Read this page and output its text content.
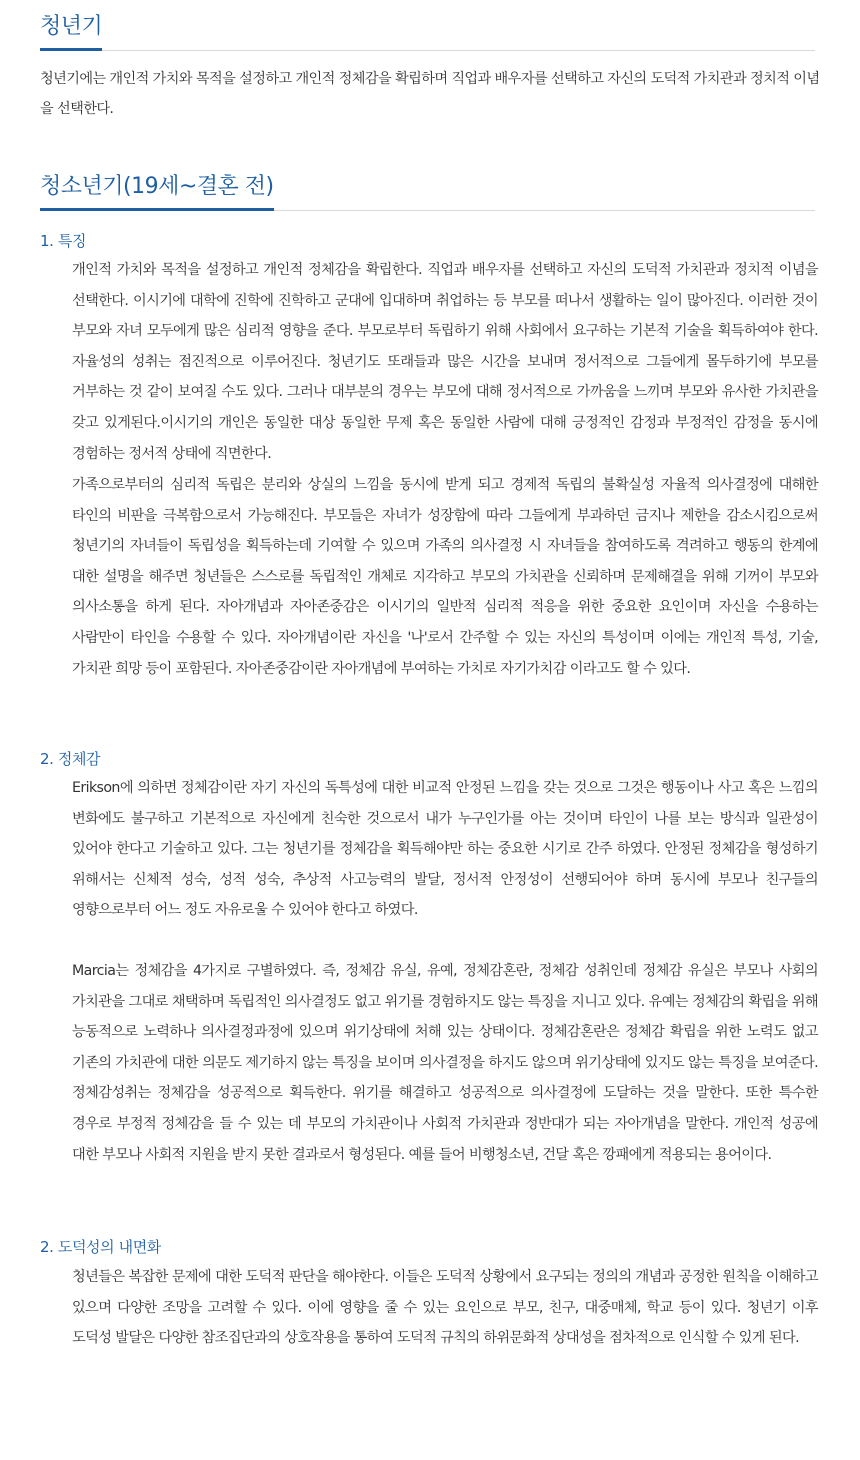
청년기

청년기에는 개인적 가치와 목적을 설정하고 개인적 정체감을 확립하며 직업과 배우자를 선택하고 자신의 도덕적 가치관과 정치적 이념을 선택한다.

청소년기(19세~결혼 전)
1. 특징

개인적 가치와 목적을 설정하고 개인적 정체감을 확립한다. 직업과 배우자를 선택하고 자신의 도덕적 가치관과 정치적 이념을 선택한다. 이시기에 대학에 진학에 진학하고 군대에 입대하며 취업하는 등 부모를 떠나서 생활하는 일이 많아진다. 이러한 것이 부모와 자녀 모두에게 많은 심리적 영향을 준다. 부모로부터 독립하기 위해 사회에서 요구하는 기본적 기술을 획득하여야 한다. 자율성의 성취는 점진적으로 이루어진다. 청년기도 또래들과 많은 시간을 보내며 정서적으로 그들에게 몰두하기에 부모를 거부하는 것 같이 보여질 수도 있다. 그러나 대부분의 경우는 부모에 대해 정서적으로 가까움을 느끼며 부모와 유사한 가치관을 갖고 있게된다.이시기의 개인은 동일한 대상 동일한 무제 혹은 동일한 사람에 대해 긍정적인 감정과 부정적인 감정을 동시에 경험하는 정서적 상태에 직면한다.

가족으로부터의 심리적 독립은 분리와 상실의 느낌을 동시에 받게 되고 경제적 독립의 불확실성 자율적 의사결정에 대해한 타인의 비판을 극복함으로서 가능해진다. 부모들은 자녀가 성장함에 따라 그들에게 부과하던 금지나 제한을 감소시킴으로써 청년기의 자녀들이 독립성을 획득하는데 기여할 수 있으며 가족의 의사결정 시 자녀들을 참여하도록 격려하고 행동의 한계에 대한 설명을 해주면 청년들은 스스로를 독립적인 개체로 지각하고 부모의 가치관을 신뢰하며 문제해결을 위해 기꺼이 부모와 의사소통을 하게 된다. 자아개념과 자아존중감은 이시기의 일반적 심리적 적응을 위한 중요한 요인이며 자신을 수용하는 사람만이 타인을 수용할 수 있다. 자아개념이란 자신을 '나'로서 간주할 수 있는 자신의 특성이며 이에는 개인적 특성, 기술, 가치관 희망 등이 포함된다. 자아존중감이란 자아개념에 부여하는 가치로 자기가치감 이라고도 할 수 있다.

2. 정체감

Erikson에 의하면 정체감이란 자기 자신의 독특성에 대한 비교적 안정된 느낌을 갖는 것으로 그것은 행동이나 사고 혹은 느낌의 변화에도 불구하고 기본적으로 자신에게 친숙한 것으로서 내가 누구인가를 아는 것이며 타인이 나를 보는 방식과 일관성이 있어야 한다고 기술하고 있다. 그는 청년기를 정체감을 획득해야만 하는 중요한 시기로 간주 하였다. 안정된 정체감을 형성하기 위해서는 신체적 성숙, 성적 성숙, 추상적 사고능력의 발달, 정서적 안정성이 선행되어야 하며 동시에 부모나 친구들의 영향으로부터 어느 정도 자유로울 수 있어야 한다고 하였다.

Marcia는 정체감을 4가지로 구별하였다. 즉, 정체감 유실, 유예, 정체감혼란, 정체감 성취인데 정체감 유실은 부모나 사회의 가치관을 그대로 채택하며 독립적인 의사결정도 없고 위기를 경험하지도 않는 특징을 지니고 있다. 유예는 정체감의 확립을 위해 능동적으로 노력하나 의사결정과정에 있으며 위기상태에 처해 있는 상태이다. 정체감혼란은 정체감 확립을 위한 노력도 없고 기존의 가치관에 대한 의문도 제기하지 않는 특징을 보이며 의사결정을 하지도 않으며 위기상태에 있지도 않는 특징을 보여준다. 정체감성취는 정체감을 성공적으로 획득한다. 위기를 해결하고 성공적으로 의사결정에 도달하는 것을 말한다. 또한 특수한 경우로 부정적 정체감을 들 수 있는 데 부모의 가치관이나 사회적 가치관과 정반대가 되는 자아개념을 말한다. 개인적 성공에 대한 부모나 사회적 지원을 받지 못한 결과로서 형성된다. 예를 들어 비행청소년, 건달 혹은 깡패에게 적용되는 용어이다.

2. 도덕성의 내면화

청년들은 복잡한 문제에 대한 도덕적 판단을 해야한다. 이들은 도덕적 상황에서 요구되는 정의의 개념과 공정한 원칙을 이해하고 있으며 다양한 조망을 고려할 수 있다. 이에 영향을 줄 수 있는 요인으로 부모, 친구, 대중매체, 학교 등이 있다. 청년기 이후 도덕성 발달은 다양한 참조집단과의 상호작용을 통하여 도덕적 규칙의 하위문화적 상대성을 점차적으로 인식할 수 있게 된다.
